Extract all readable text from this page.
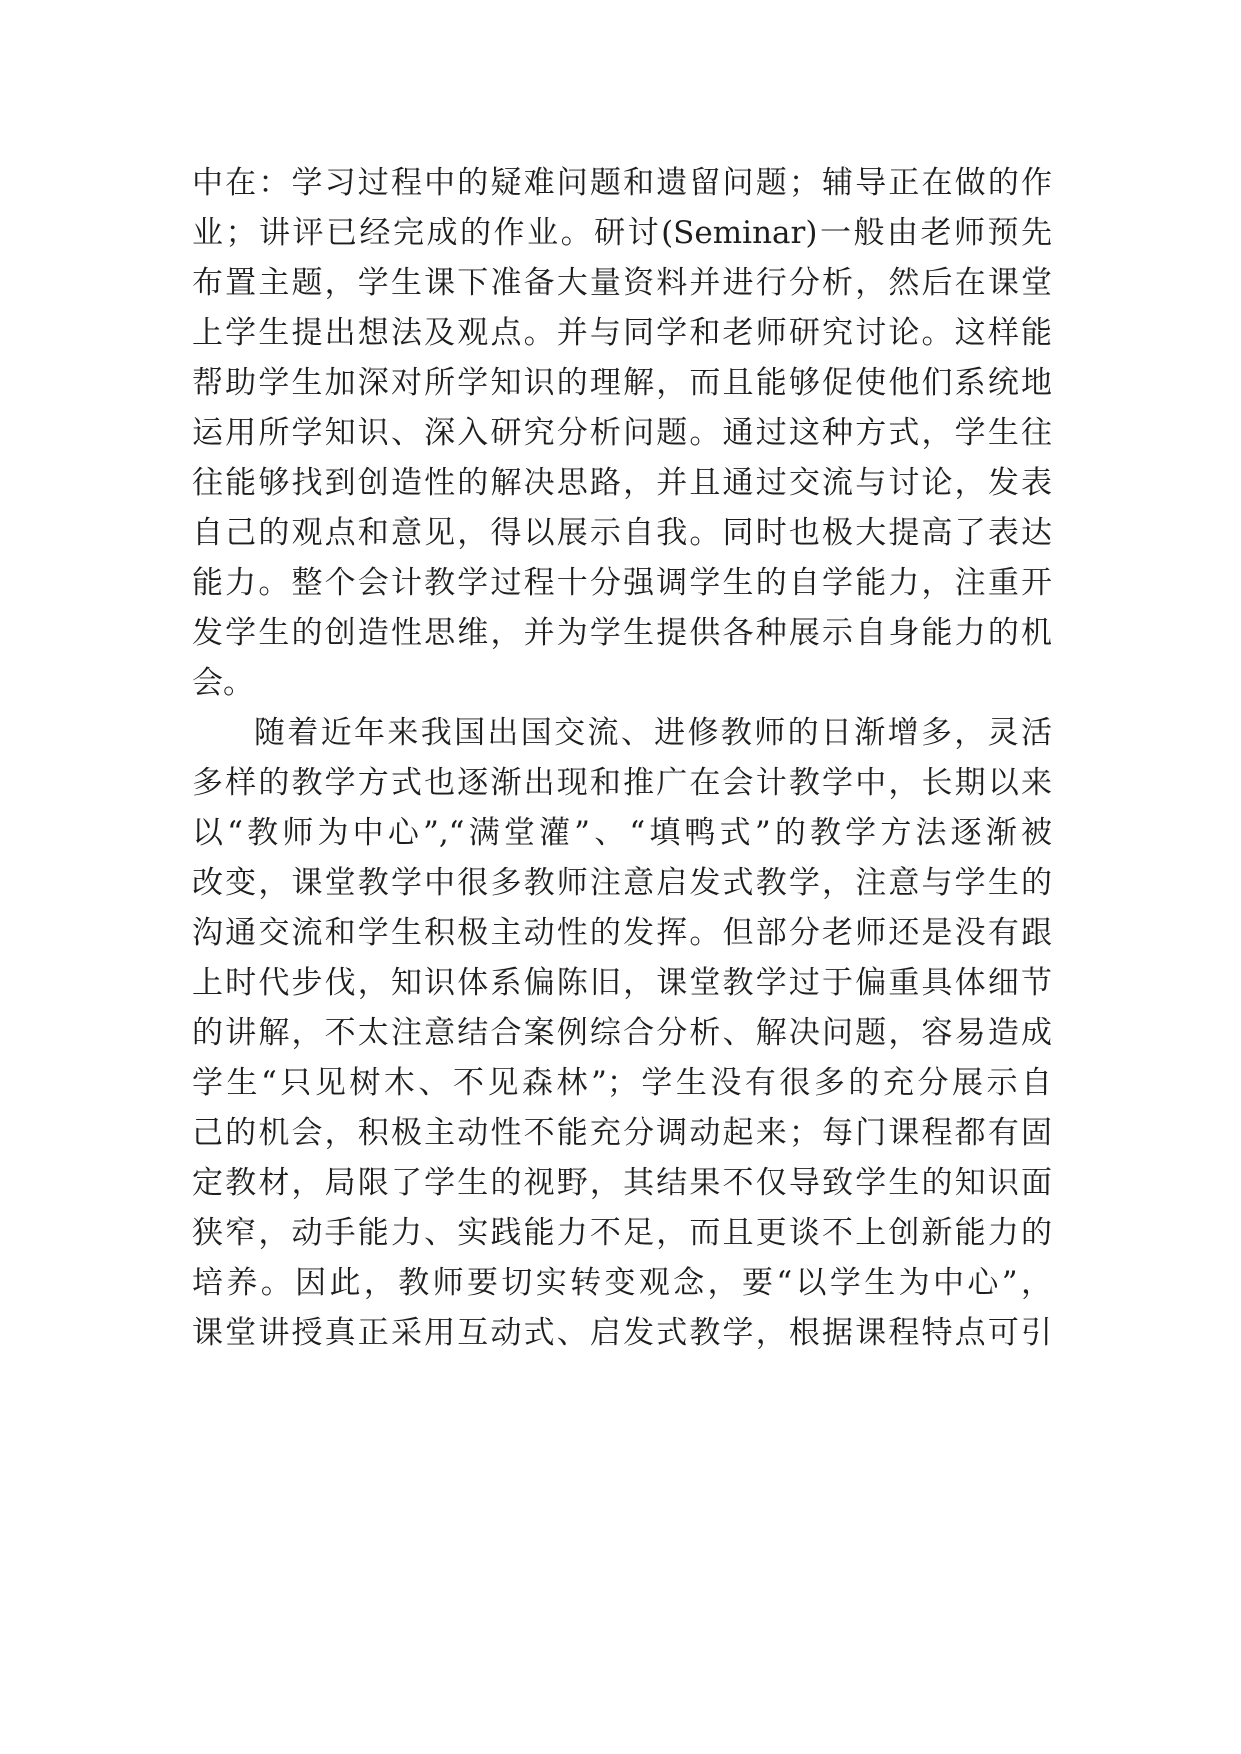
中在：学习过程中的疑难问题和遗留问题；辅导正在做的作
业；讲评已经完成的作业。研讨(Seminar)一般由老师预先
布置主题，学生课下准备大量资料并进行分析，然后在课堂
上学生提出想法及观点。并与同学和老师研究讨论。这样能
帮助学生加深对所学知识的理解，而且能够促使他们系统地
运用所学知识、深入研究分析问题。通过这种方式，学生往
往能够找到创造性的解决思路，并且通过交流与讨论，发表
自己的观点和意见，得以展示自我。同时也极大提高了表达
能力。整个会计教学过程十分强调学生的自学能力，注重开
发学生的创造性思维，并为学生提供各种展示自身能力的机
会。
随着近年来我国出国交流、进修教师的日渐增多，灵活
多样的教学方式也逐渐出现和推广在会计教学中，长期以来
以“教师为中心”,“满堂灌”、“填鸭式”的教学方法逐渐被
改变，课堂教学中很多教师注意启发式教学，注意与学生的
沟通交流和学生积极主动性的发挥。但部分老师还是没有跟
上时代步伐，知识体系偏陈旧，课堂教学过于偏重具体细节
的讲解，不太注意结合案例综合分析、解决问题，容易造成
学生“只见树木、不见森林”；学生没有很多的充分展示自
己的机会，积极主动性不能充分调动起来；每门课程都有固
定教材，局限了学生的视野，其结果不仅导致学生的知识面
狭窄，动手能力、实践能力不足，而且更谈不上创新能力的
培养。因此，教师要切实转变观念，要“以学生为中心”，
课堂讲授真正采用互动式、启发式教学，根据课程特点可引
